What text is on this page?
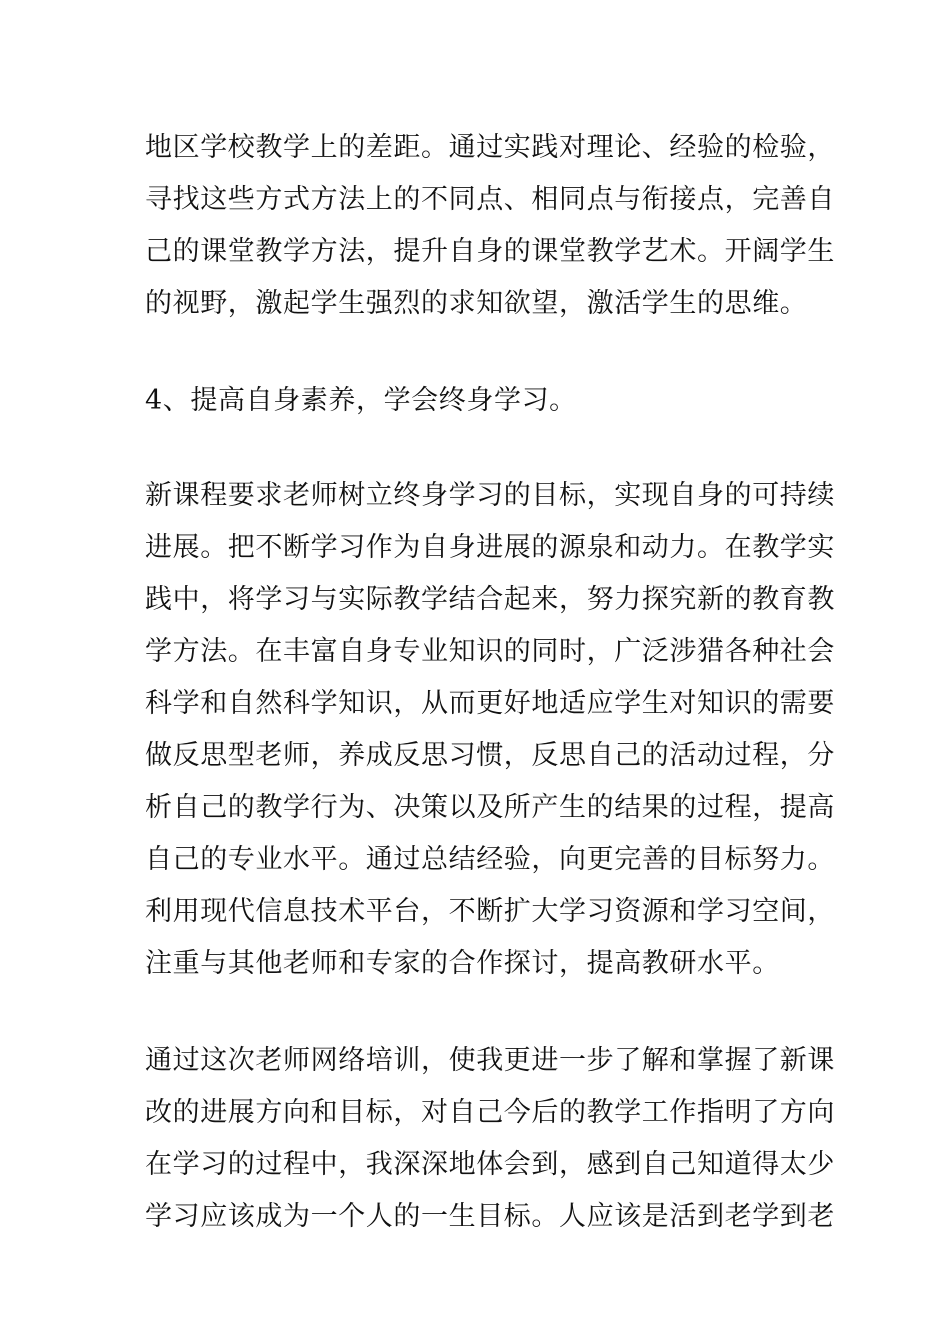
地区学校教学上的差距。通过实践对理论、经验的检验，
寻找这些方式方法上的不同点、相同点与衔接点，完善自
己的课堂教学方法，提升自身的课堂教学艺术。开阔学生
的视野，激起学生强烈的求知欲望，激活学生的思维。
4、提高自身素养，学会终身学习。
新课程要求老师树立终身学习的目标，实现自身的可持续
进展。把不断学习作为自身进展的源泉和动力。在教学实
践中，将学习与实际教学结合起来，努力探究新的教育教
学方法。在丰富自身专业知识的同时，广泛涉猎各种社会
科学和自然科学知识，从而更好地适应学生对知识的需要
做反思型老师，养成反思习惯，反思自己的活动过程，分
析自己的教学行为、决策以及所产生的结果的过程，提高
自己的专业水平。通过总结经验，向更完善的目标努力。
利用现代信息技术平台，不断扩大学习资源和学习空间，
注重与其他老师和专家的合作探讨，提高教研水平。
通过这次老师网络培训，使我更进一步了解和掌握了新课
改的进展方向和目标，对自己今后的教学工作指明了方向
在学习的过程中，我深深地体会到，感到自己知道得太少
学习应该成为一个人的一生目标。人应该是活到老学到老
